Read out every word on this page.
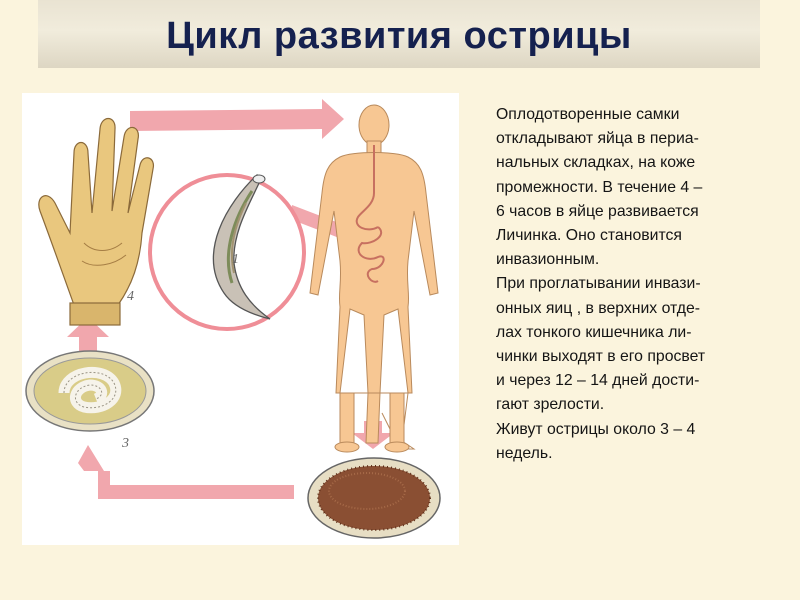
Цикл развития острицы
1
4
3

Оплодотворенные самки
откладывают яйца в периа-
нальных складках, на коже
промежности. В течение 4 –
6 часов в яйце развивается
Личинка. Оно становится
инвазионным.

При проглатывании инвази-
онных яиц , в верхних отде-
лах тонкого кишечника ли-
чинки выходят в его просвет
и через 12 – 14 дней дости-
гают зрелости.

Живут острицы около 3 – 4
недель.
